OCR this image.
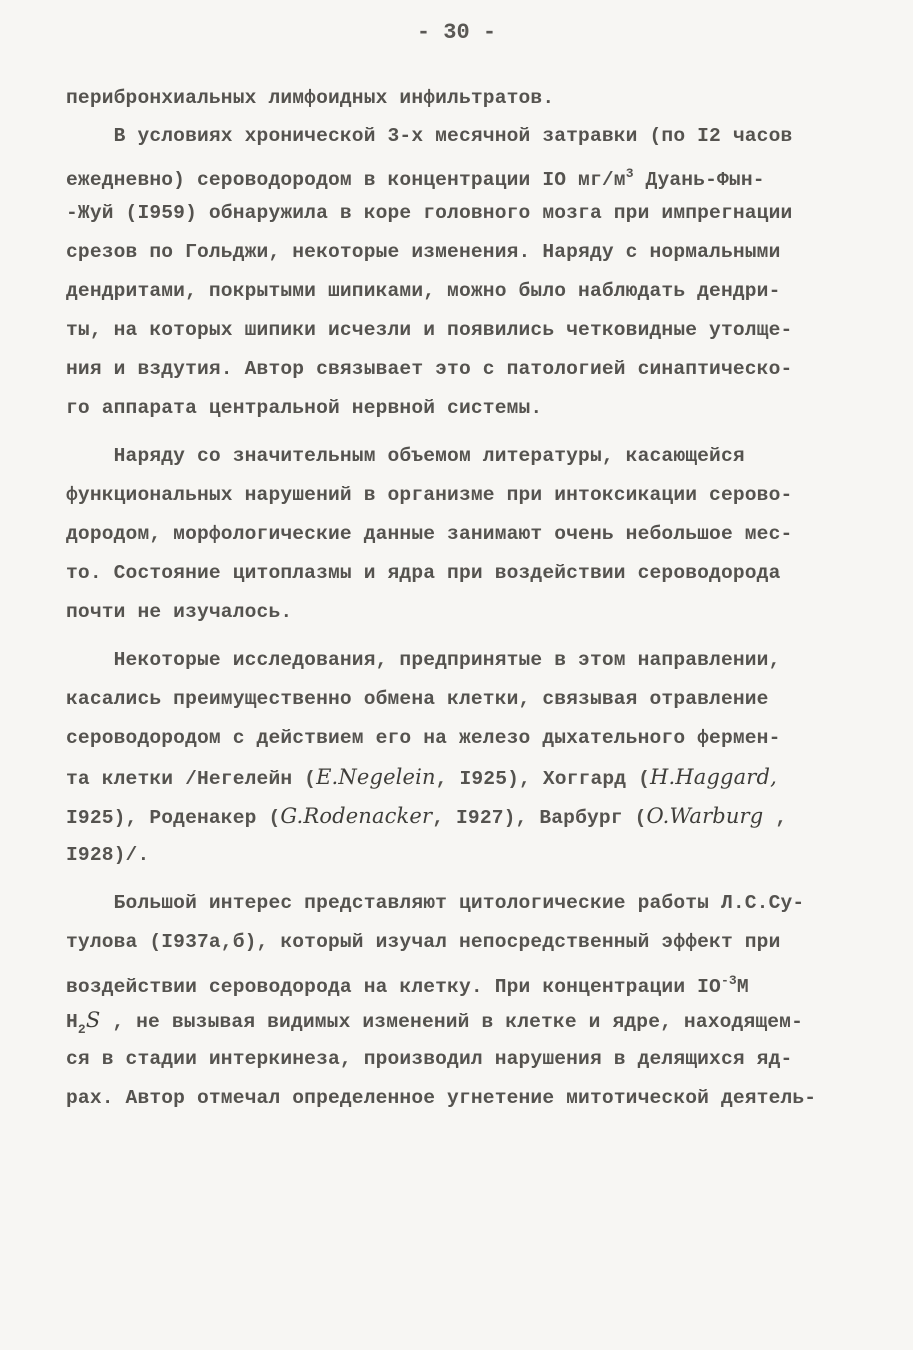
- 30 -
перибронхиальных лимфоидных инфильтратов.
В условиях хронической 3-х месячной затравки (по I2 часов
ежедневно) сероводородом в концентрации IO $мг/м^3$ Дуань-Фын-
-Жуй (I959) обнаружила в коре головного мозга при импрегнации
срезов по Гольджи, некоторые изменения. Наряду с нормальными
дендритами, покрытыми шипиками, можно было наблюдать дендри-
ты, на которых шипики исчезли и появились четковидные утолще-
ния и вздутия. Автор связывает это с патологией синаптическо-
го аппарата центральной нервной системы.
Наряду со значительным объемом литературы, касающейся
функциональных нарушений в организме при интоксикации серово-
дородом, морфологические данные занимают очень небольшое мес-
то. Состояние цитоплазмы и ядра при воздействии сероводорода
почти не изучалось.
Некоторые исследования, предпринятые в этом направлении,
касались преимущественно обмена клетки, связывая отравление
сероводородом с действием его на железо дыхательного фермен-
та клетки /Негелейн (E.Negelein, I925), Хоггард (H.Haggard,
I925), Роденакер (G.Rodenacker, I927), Варбург (O.Warburg ,
I928)/.
Большой интерес представляют цитологические работы Л.С.Су-
тулова (I937а,б), который изучал непосредственный эффект при
воздействии сероводорода на клетку. При концентрации $IO^{-3}M$
$H_2S$ , не вызывая видимых изменений в клетке и ядре, находящем-
ся в стадии интеркинеза, производил нарушения в делящихся яд-
рах. Автор отмечал определенное угнетение митотической деятель-
